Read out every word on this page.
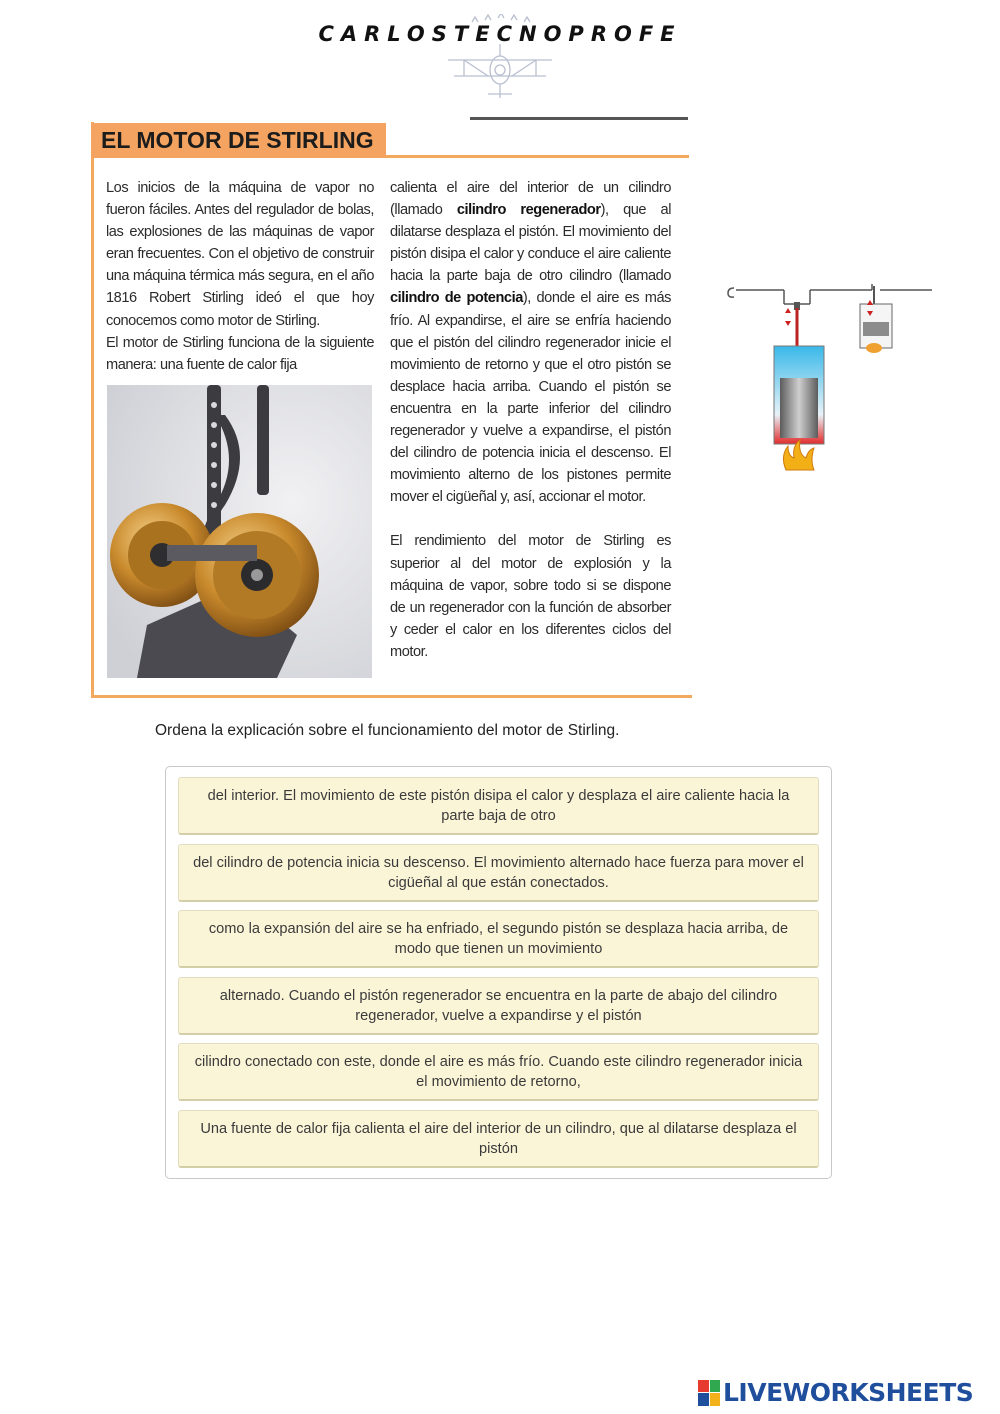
CARLOSTECNOPROFE
EL MOTOR DE STIRLING

Los inicios de la máquina de vapor no fueron fáciles. Antes del regulador de bolas, las explosiones de las máquinas de vapor eran frecuentes. Con el objetivo de construir una máquina térmica más segura, en el año 1816 Robert Stirling ideó el que hoy conocemos como motor de Stirling.

El motor de Stirling funciona de la siguiente manera: una fuente de calor fija

calienta el aire del interior de un cilindro (llamado cilindro regenerador), que al dilatarse desplaza el pistón. El movimiento del pistón disipa el calor y conduce el aire caliente hacia la parte baja de otro cilindro (llamado cilindro de potencia), donde el aire es más frío. Al expandirse, el aire se enfría haciendo que el pistón del cilindro regenerador inicie el movimiento de retorno y que el otro pistón se desplace hacia arriba. Cuando el pistón se encuentra en la parte inferior del cilindro regenerador y vuelve a expandirse, el pistón del cilindro de potencia inicia el descenso. El movimiento alterno de los pistones permite mover el cigüeñal y, así, accionar el motor.

El rendimiento del motor de Stirling es superior al del motor de explosión y la máquina de vapor, sobre todo si se dispone de un regenerador con la función de absorber y ceder el calor en los diferentes ciclos del motor.

Ordena la explicación sobre el funcionamiento del motor de Stirling.
del interior. El movimiento de este pistón disipa el calor y desplaza el aire caliente hacia la parte baja de otro
del cilindro de potencia inicia su descenso. El movimiento alternado hace fuerza para mover el cigüeñal al que están conectados.
como la expansión del aire se ha enfriado, el segundo pistón se desplaza hacia arriba, de modo que tienen un movimiento
alternado. Cuando el pistón regenerador se encuentra en la parte de abajo del cilindro regenerador, vuelve a expandirse y el pistón
cilindro conectado con este, donde el aire es más frío. Cuando este cilindro regenerador inicia el movimiento de retorno,
Una fuente de calor fija calienta el aire del interior de un cilindro, que al dilatarse desplaza el pistón
LIVEWORKSHEETS
